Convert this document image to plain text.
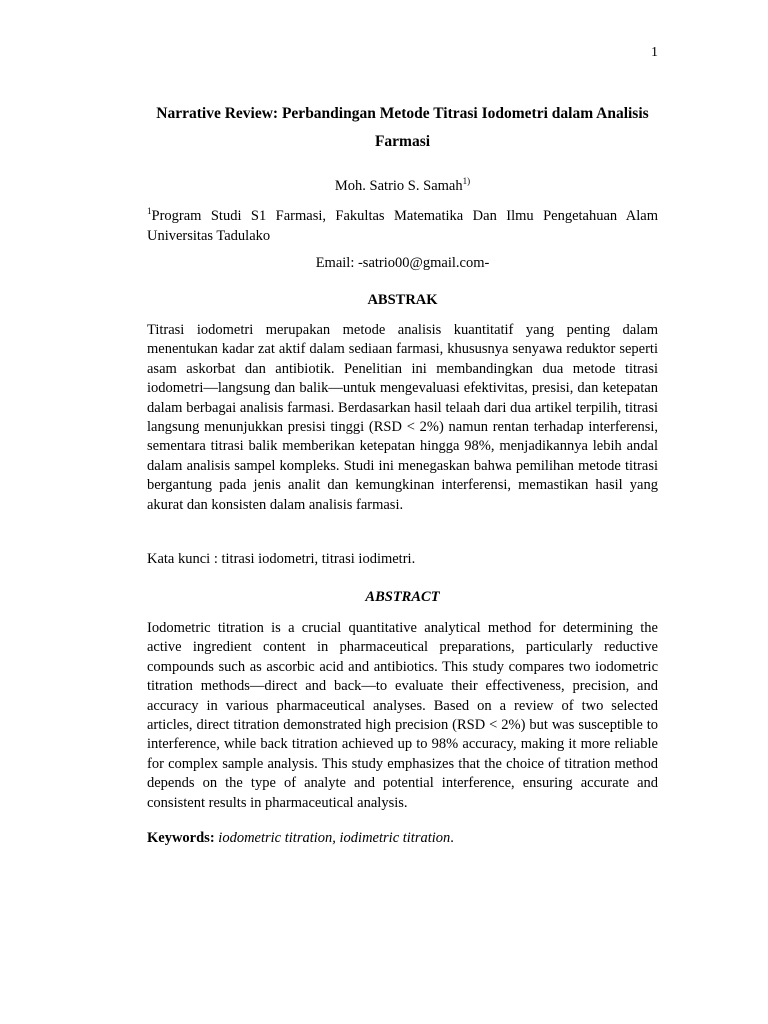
1
Narrative Review: Perbandingan Metode Titrasi Iodometri dalam Analisis Farmasi
Moh. Satrio S. Samah$^{1)}$
$^1$Program Studi S1 Farmasi, Fakultas Matematika Dan Ilmu Pengetahuan Alam Universitas Tadulako
Email: -satrio00@gmail.com-
ABSTRAK

Titrasi iodometri merupakan metode analisis kuantitatif yang penting dalam menentukan kadar zat aktif dalam sediaan farmasi, khususnya senyawa reduktor seperti asam askorbat dan antibiotik. Penelitian ini membandingkan dua metode titrasi iodometri—langsung dan balik—untuk mengevaluasi efektivitas, presisi, dan ketepatan dalam berbagai analisis farmasi. Berdasarkan hasil telaah dari dua artikel terpilih, titrasi langsung menunjukkan presisi tinggi (RSD < 2%) namun rentan terhadap interferensi, sementara titrasi balik memberikan ketepatan hingga 98%, menjadikannya lebih andal dalam analisis sampel kompleks. Studi ini menegaskan bahwa pemilihan metode titrasi bergantung pada jenis analit dan kemungkinan interferensi, memastikan hasil yang akurat dan konsisten dalam analisis farmasi.

Kata kunci : titrasi iodometri, titrasi iodimetri.

ABSTRACT

Iodometric titration is a crucial quantitative analytical method for determining the active ingredient content in pharmaceutical preparations, particularly reductive compounds such as ascorbic acid and antibiotics. This study compares two iodometric titration methods—direct and back—to evaluate their effectiveness, precision, and accuracy in various pharmaceutical analyses. Based on a review of two selected articles, direct titration demonstrated high precision (RSD < 2%) but was susceptible to interference, while back titration achieved up to 98% accuracy, making it more reliable for complex sample analysis. This study emphasizes that the choice of titration method depends on the type of analyte and potential interference, ensuring accurate and consistent results in pharmaceutical analysis.

Keywords: iodometric titration, iodimetric titration.
